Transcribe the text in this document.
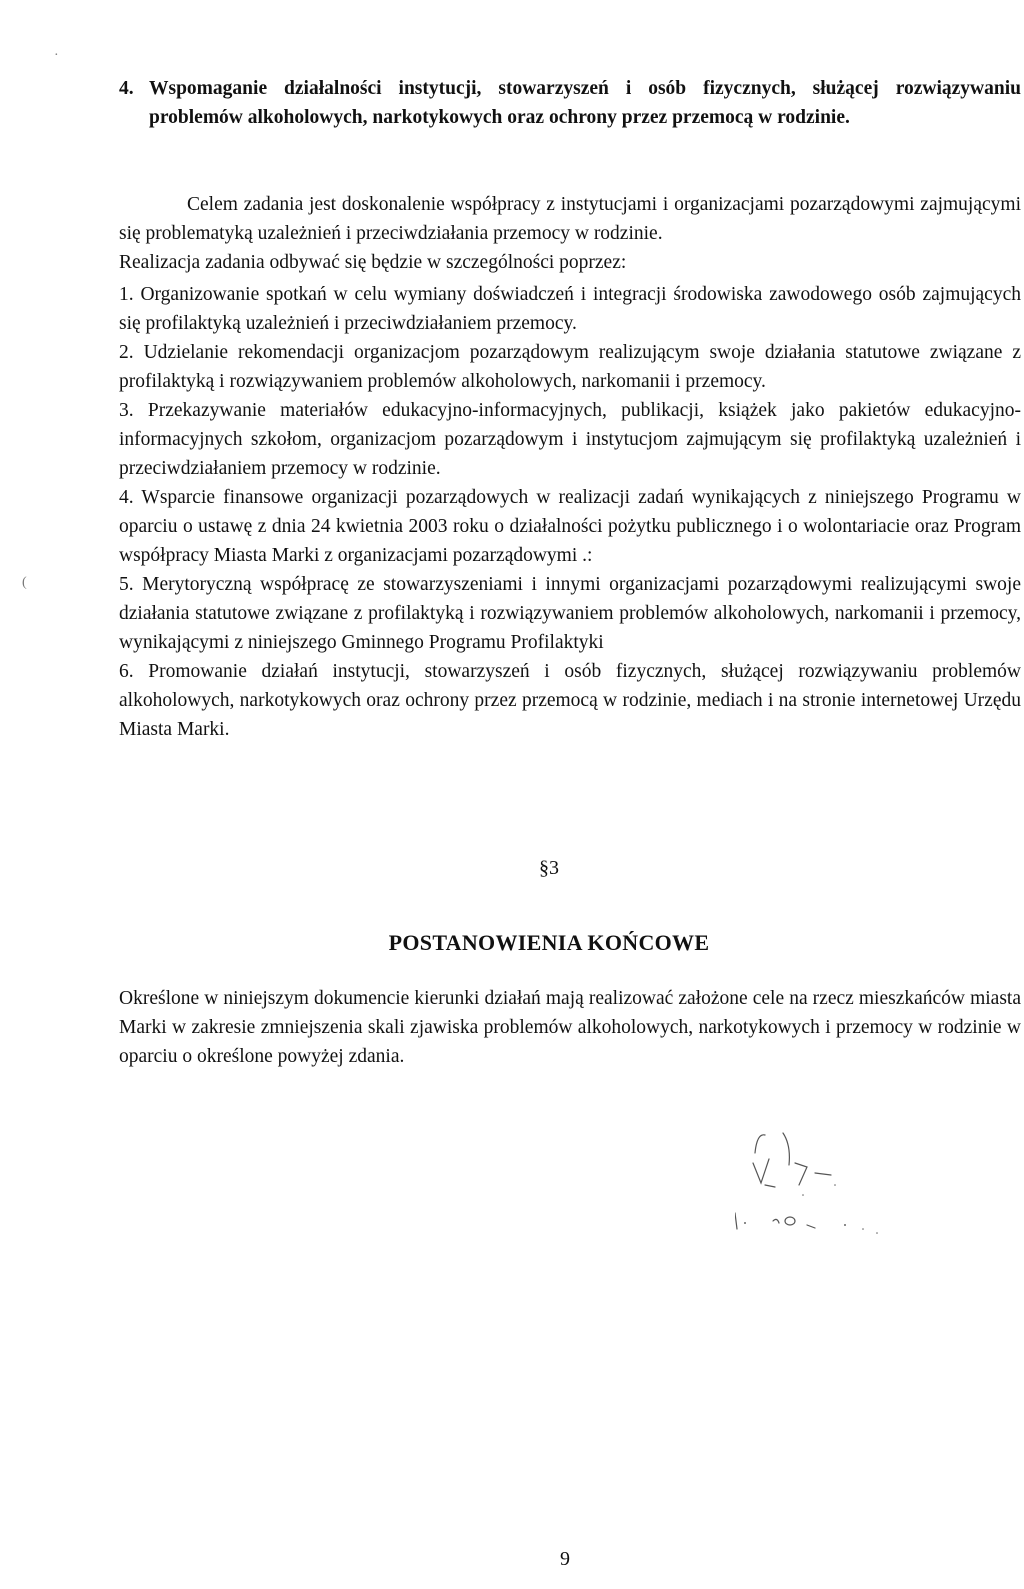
·
(
4. Wspomaganie działalności instytucji, stowarzyszeń i osób fizycznych, służącej rozwiązywaniu problemów alkoholowych, narkotykowych oraz ochrony przez przemocą w rodzinie.

Celem zadania jest doskonalenie współpracy z instytucjami i organizacjami pozarządowymi zajmującymi się problematyką uzależnień i przeciwdziałania przemocy w rodzinie.

Realizacja zadania odbywać się będzie w szczególności poprzez:

1. Organizowanie spotkań w celu wymiany doświadczeń i integracji środowiska zawodowego osób zajmujących się profilaktyką uzależnień i przeciwdziałaniem przemocy.

2. Udzielanie rekomendacji organizacjom pozarządowym realizującym swoje działania statutowe związane z profilaktyką i rozwiązywaniem problemów alkoholowych, narkomanii i przemocy.

3. Przekazywanie materiałów edukacyjno-informacyjnych, publikacji, książek jako pakietów edukacyjno-informacyjnych szkołom, organizacjom pozarządowym i instytucjom zajmującym się profilaktyką uzależnień i przeciwdziałaniem przemocy w rodzinie.

4. Wsparcie finansowe organizacji pozarządowych w realizacji zadań wynikających z niniejszego Programu w oparciu o ustawę z dnia 24 kwietnia 2003 roku o działalności pożytku publicznego i o wolontariacie oraz Program współpracy Miasta Marki z organizacjami pozarządowymi .:

5. Merytoryczną współpracę ze stowarzyszeniami i innymi organizacjami pozarządowymi realizującymi swoje działania statutowe związane z profilaktyką i rozwiązywaniem problemów alkoholowych, narkomanii i przemocy, wynikającymi z niniejszego Gminnego Programu Profilaktyki

6. Promowanie działań instytucji, stowarzyszeń i osób fizycznych, służącej rozwiązywaniu problemów alkoholowych, narkotykowych oraz ochrony przez przemocą w rodzinie, mediach i na stronie internetowej Urzędu Miasta Marki.

§3
POSTANOWIENIA KOŃCOWE

Określone w niniejszym dokumencie kierunki działań mają realizować założone cele na rzecz mieszkańców miasta Marki w zakresie zmniejszenia skali zjawiska problemów alkoholowych, narkotykowych i przemocy w rodzinie w oparciu o określone powyżej zdania.

9
